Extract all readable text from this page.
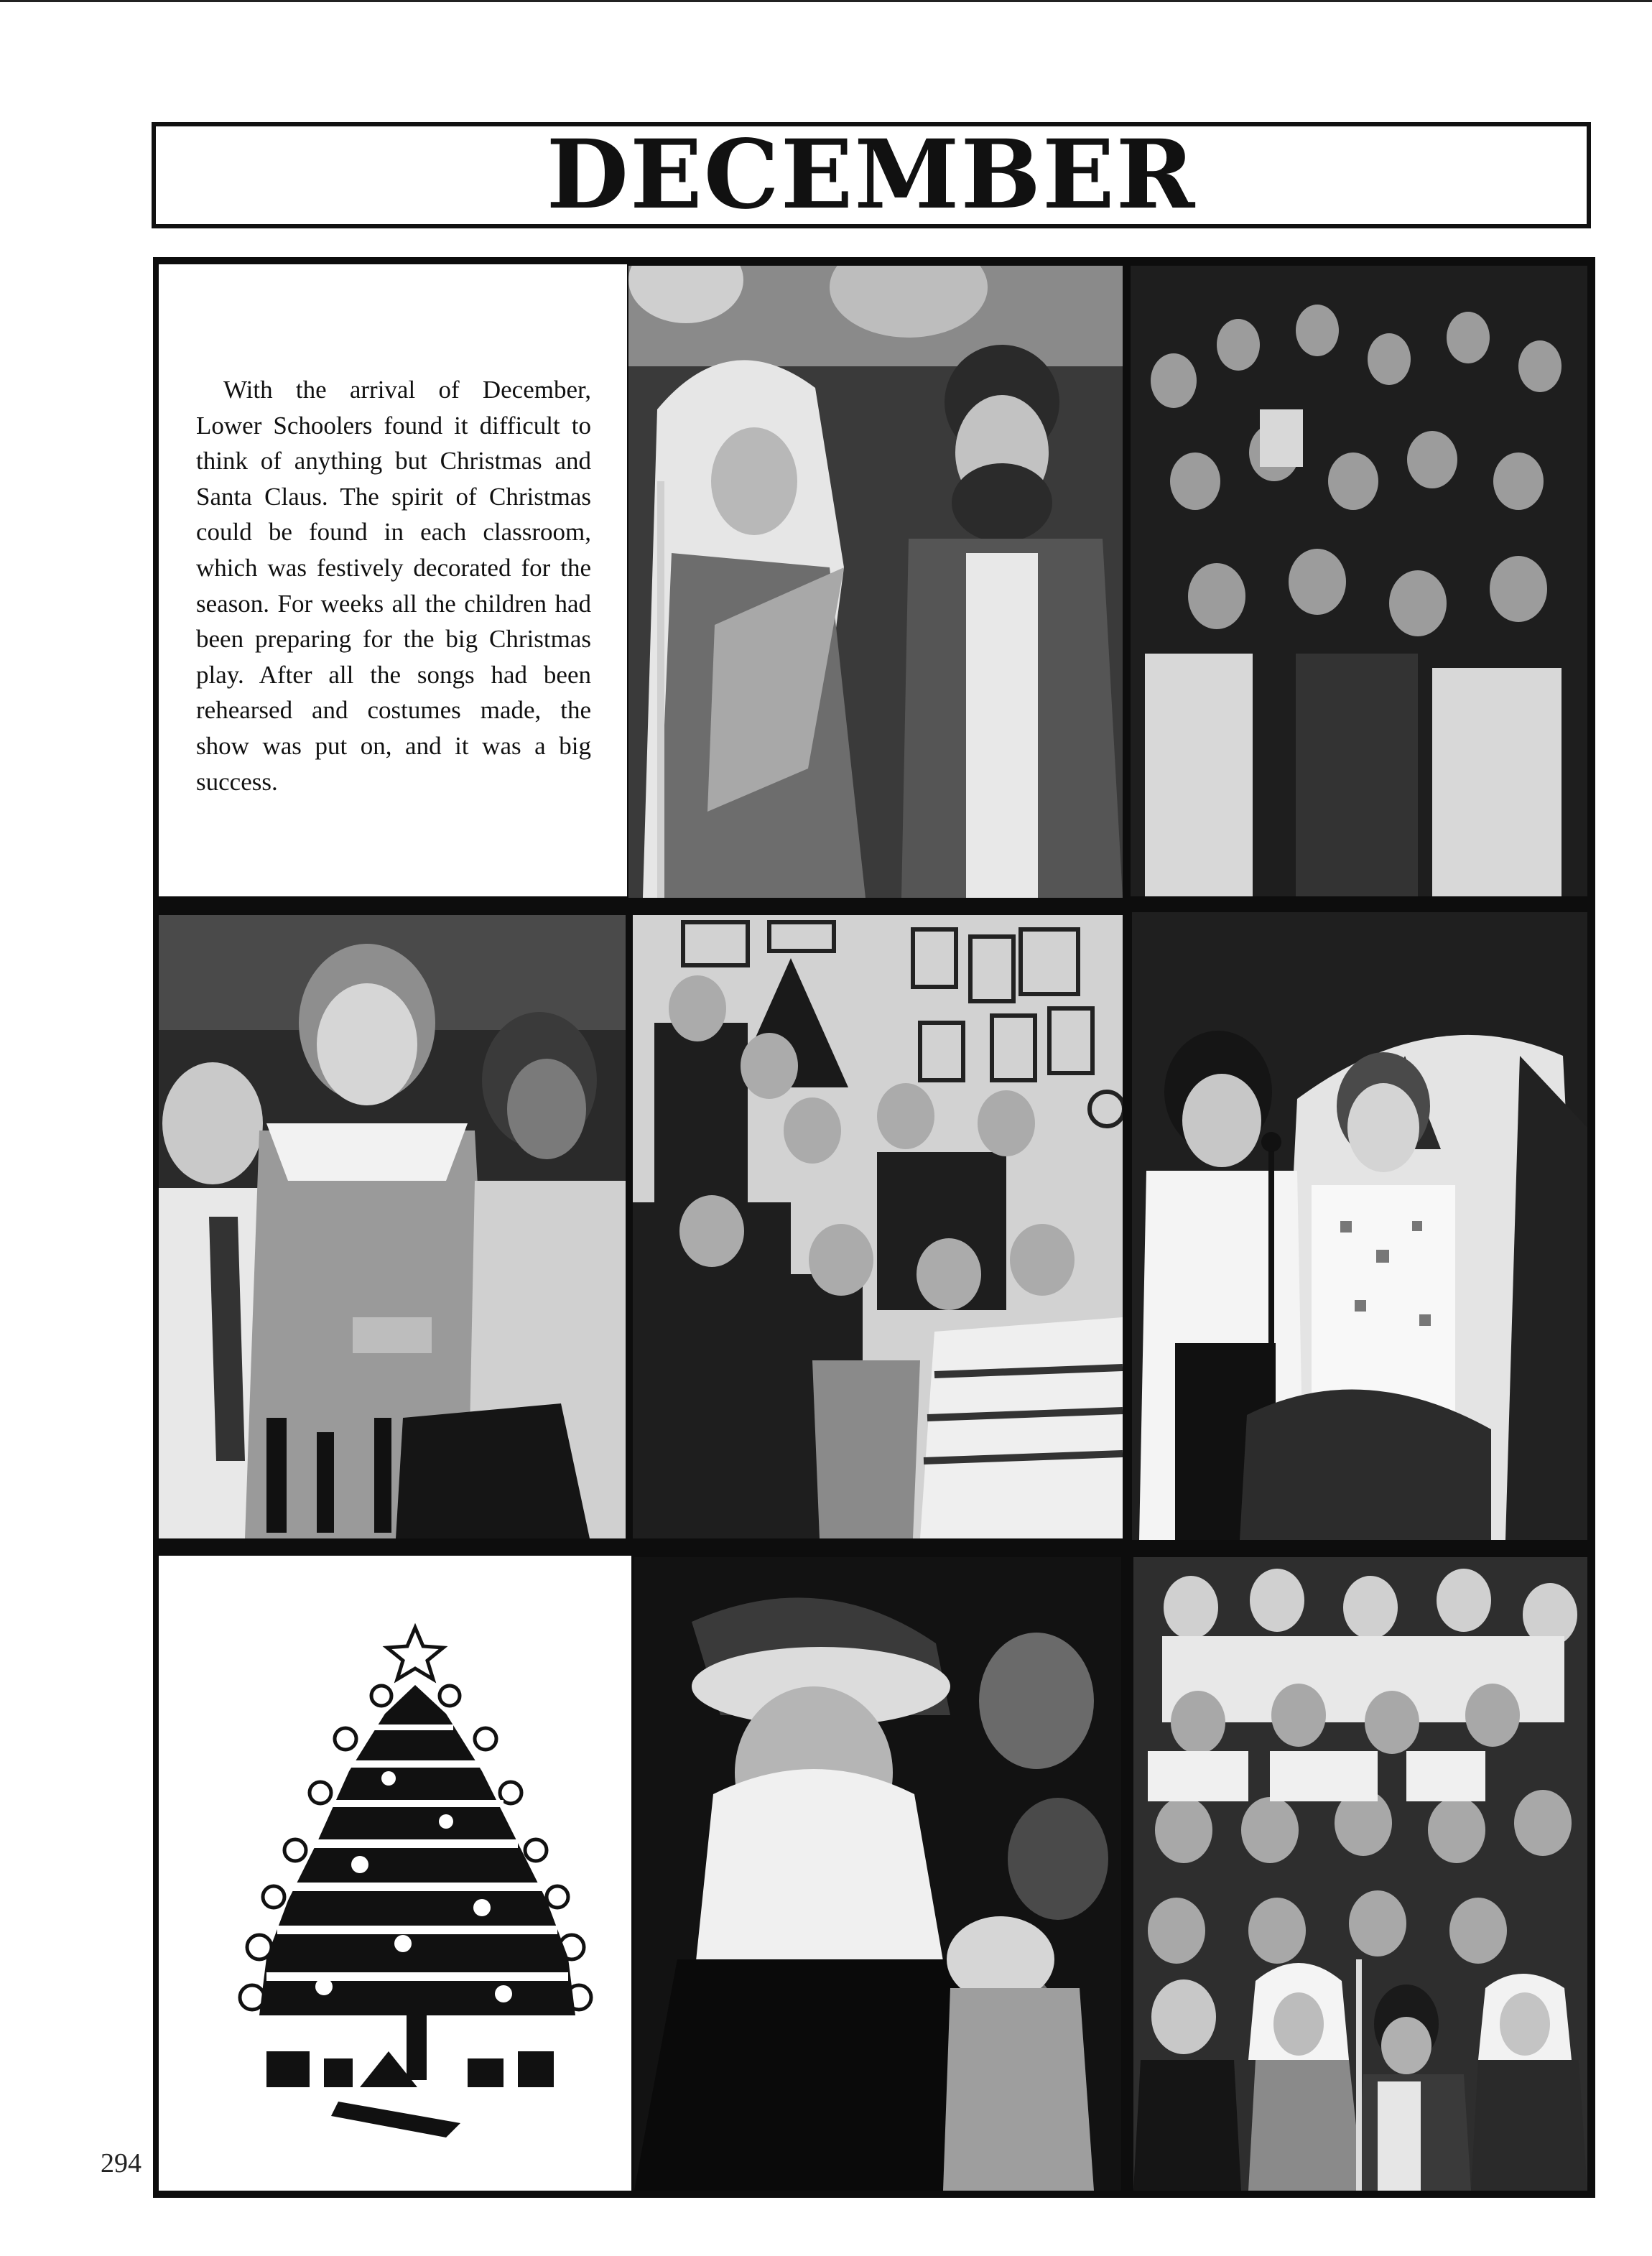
DECEMBER

With the arrival of December, Lower Schoolers found it difficult to think of anything but Christmas and Santa Claus. The spirit of Christmas could be found in each classroom, which was festively decorated for the season. For weeks all the children had been preparing for the big Christmas play. After all the songs had been rehearsed and costumes made, the show was put on, and it was a big success.

294
